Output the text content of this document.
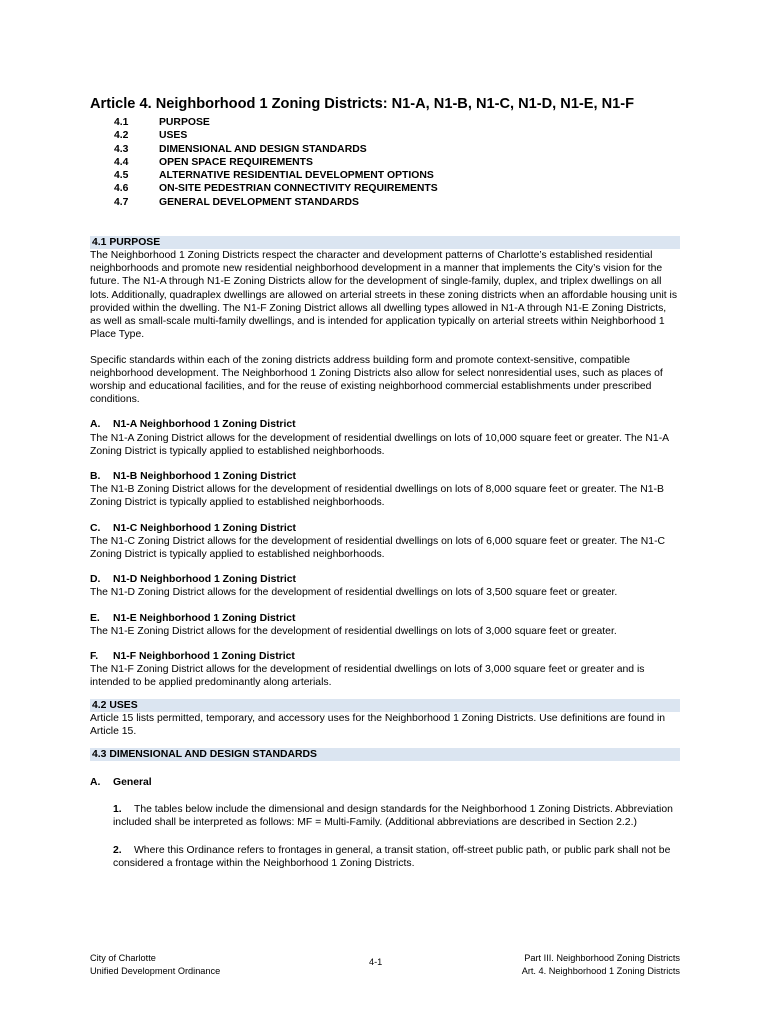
Article 4. Neighborhood 1 Zoning Districts: N1-A, N1-B, N1-C, N1-D, N1-E, N1-F
4.1	PURPOSE
4.2	USES
4.3	DIMENSIONAL AND DESIGN STANDARDS
4.4	OPEN SPACE REQUIREMENTS
4.5	ALTERNATIVE RESIDENTIAL DEVELOPMENT OPTIONS
4.6	ON-SITE PEDESTRIAN CONNECTIVITY REQUIREMENTS
4.7	GENERAL DEVELOPMENT STANDARDS
4.1 PURPOSE

The Neighborhood 1 Zoning Districts respect the character and development patterns of Charlotte’s established residential neighborhoods and promote new residential neighborhood development in a manner that implements the City’s vision for the future. The N1-A through N1-E Zoning Districts allow for the development of single-family, duplex, and triplex dwellings on all lots. Additionally, quadraplex dwellings are allowed on arterial streets in these zoning districts when an affordable housing unit is provided within the dwelling. The N1-F Zoning District allows all dwelling types allowed in N1-A through N1-E Zoning Districts, as well as small-scale multi-family dwellings, and is intended for application typically on arterial streets within Neighborhood 1 Place Type.

Specific standards within each of the zoning districts address building form and promote context-sensitive, compatible neighborhood development. The Neighborhood 1 Zoning Districts also allow for select nonresidential uses, such as places of worship and educational facilities, and for the reuse of existing neighborhood commercial establishments under prescribed conditions.

A. N1-A Neighborhood 1 Zoning District

The N1-A Zoning District allows for the development of residential dwellings on lots of 10,000 square feet or greater. The N1-A Zoning District is typically applied to established neighborhoods.

B. N1-B Neighborhood 1 Zoning District

The N1-B Zoning District allows for the development of residential dwellings on lots of 8,000 square feet or greater. The N1-B Zoning District is typically applied to established neighborhoods.

C. N1-C Neighborhood 1 Zoning District

The N1-C Zoning District allows for the development of residential dwellings on lots of 6,000 square feet or greater. The N1-C Zoning District is typically applied to established neighborhoods.

D. N1-D Neighborhood 1 Zoning District

The N1-D Zoning District allows for the development of residential dwellings on lots of 3,500 square feet or greater.

E. N1-E Neighborhood 1 Zoning District

The N1-E Zoning District allows for the development of residential dwellings on lots of 3,000 square feet or greater.

F. N1-F Neighborhood 1 Zoning District

The N1-F Zoning District allows for the development of residential dwellings on lots of 3,000 square feet or greater and is intended to be applied predominantly along arterials.

4.2 USES

Article 15 lists permitted, temporary, and accessory uses for the Neighborhood 1 Zoning Districts. Use definitions are found in Article 15.

4.3 DIMENSIONAL AND DESIGN STANDARDS
A. General

1. The tables below include the dimensional and design standards for the Neighborhood 1 Zoning Districts. Abbreviation included shall be interpreted as follows: MF = Multi-Family. (Additional abbreviations are described in Section 2.2.)

2. Where this Ordinance refers to frontages in general, a transit station, off-street public path, or public park shall not be considered a frontage within the Neighborhood 1 Zoning Districts.

City of Charlotte
Unified Development Ordinance
4-1	Part III. Neighborhood Zoning Districts
Art. 4. Neighborhood 1 Zoning Districts
